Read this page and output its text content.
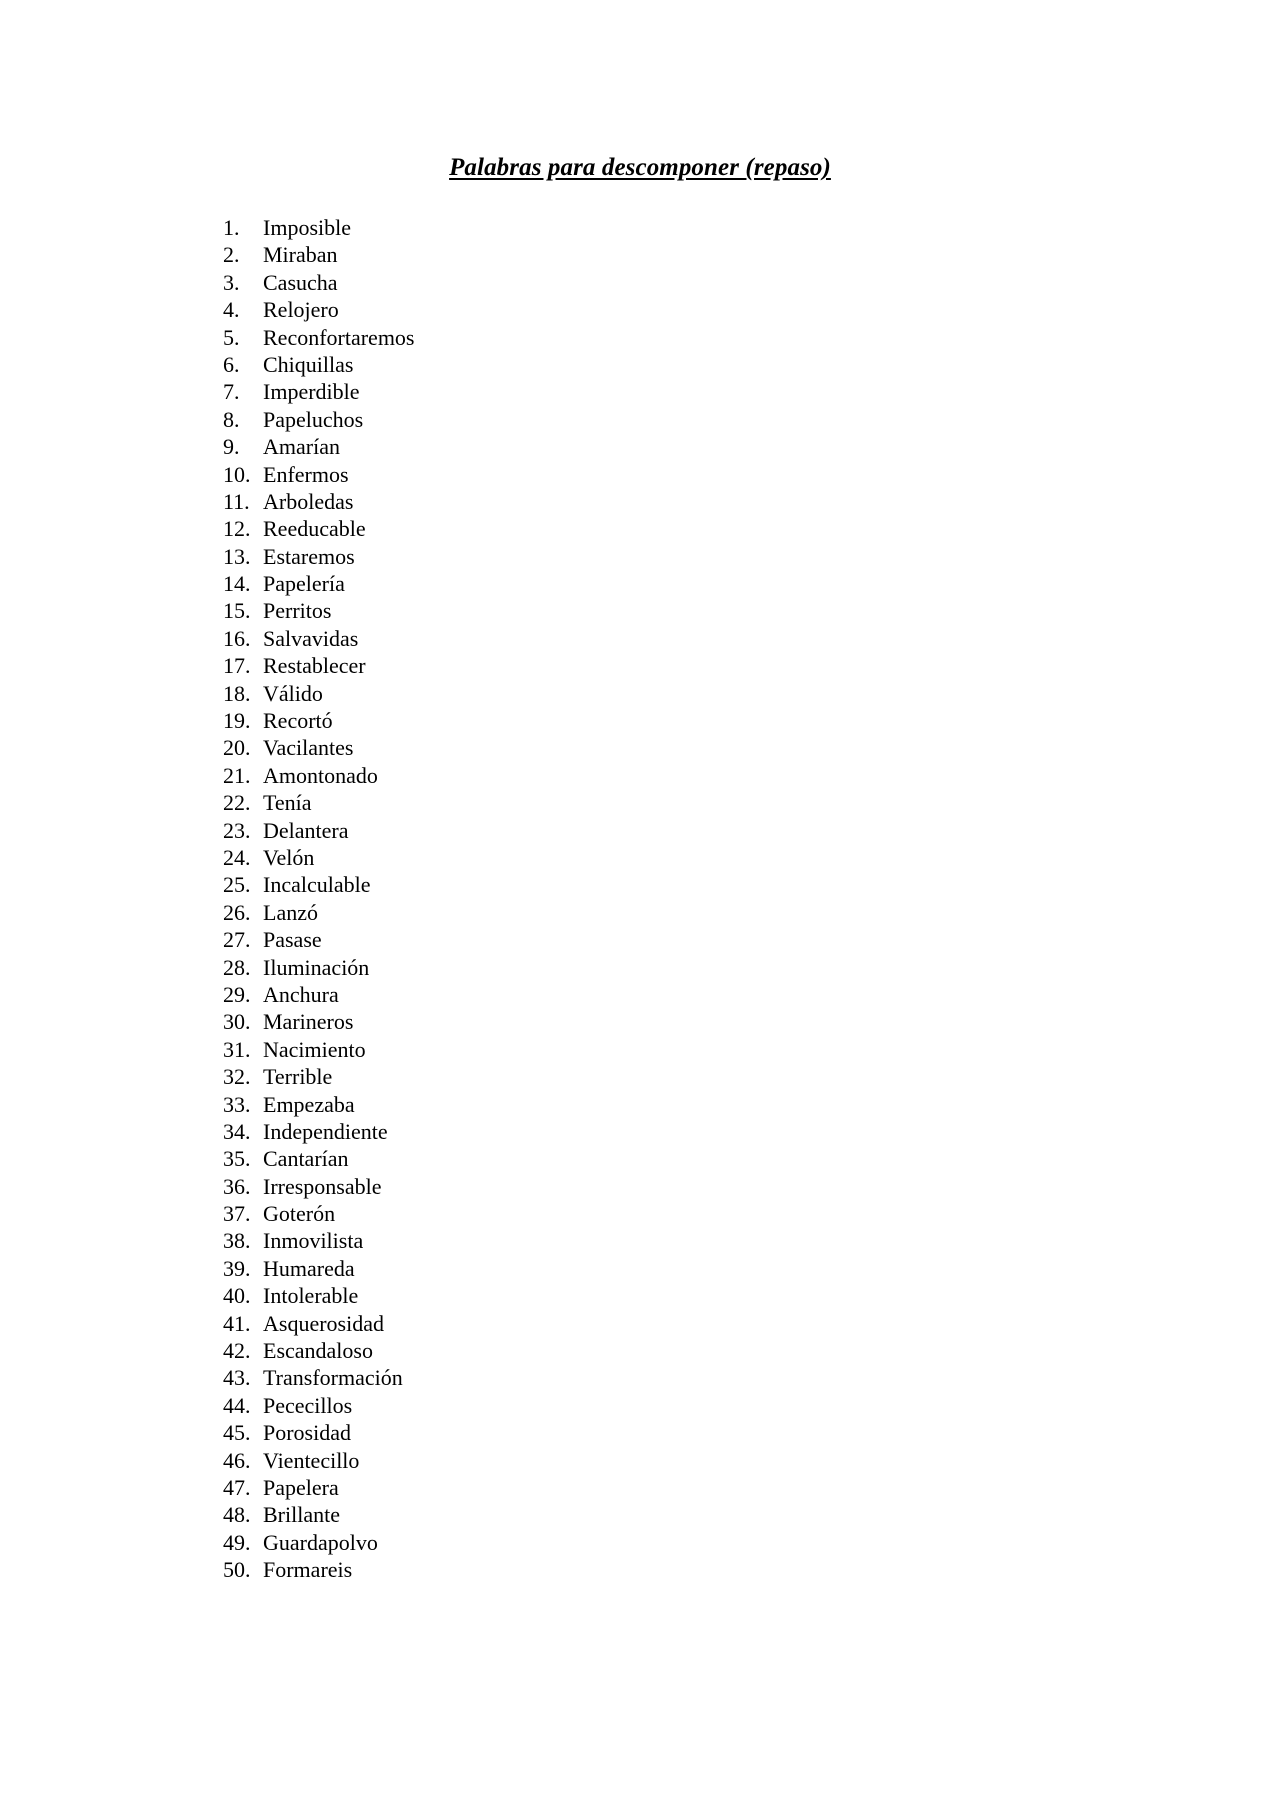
Palabras para descomponer (repaso)
1.	Imposible
2.	Miraban
3.	Casucha
4.	Relojero
5.	Reconfortaremos
6.	Chiquillas
7.	Imperdible
8.	Papeluchos
9.	Amarían
10. Enfermos
11. Arboledas
12. Reeducable
13. Estaremos
14. Papelería
15. Perritos
16. Salvavidas
17. Restablecer
18. Válido
19. Recortó
20. Vacilantes
21. Amontonado
22. Tenía
23. Delantera
24. Velón
25. Incalculable
26. Lanzó
27. Pasase
28. Iluminación
29. Anchura
30. Marineros
31. Nacimiento
32. Terrible
33. Empezaba
34. Independiente
35. Cantarían
36. Irresponsable
37. Goterón
38. Inmovilista
39. Humareda
40. Intolerable
41. Asquerosidad
42. Escandaloso
43. Transformación
44. Pececillos
45. Porosidad
46. Vientecillo
47. Papelera
48. Brillante
49. Guardapolvo
50. Formareis
